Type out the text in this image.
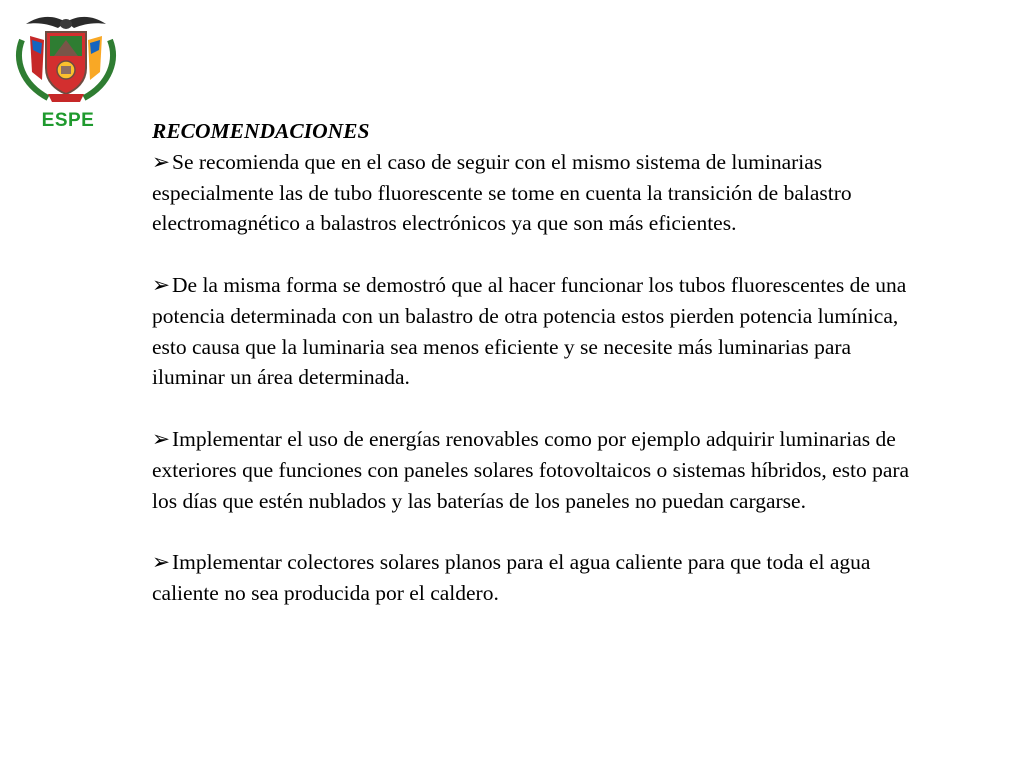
ESPE	RECOMENDACIONES

➢Se recomienda que en el caso de seguir con el mismo sistema de luminarias especialmente las de tubo fluorescente se tome en cuenta la transición de balastro electromagnético a balastros electrónicos ya que son más eficientes.

➢De la misma forma se demostró que al hacer funcionar los tubos fluorescentes de una potencia determinada con un balastro de otra potencia estos pierden potencia lumínica, esto causa que la luminaria sea menos eficiente y se necesite más luminarias para iluminar un área determinada.

➢Implementar el uso de energías renovables como por ejemplo adquirir luminarias de exteriores que funciones con paneles solares fotovoltaicos o sistemas híbridos, esto para los días que estén nublados y las baterías de los paneles no puedan cargarse.

➢Implementar colectores solares planos para el agua caliente para que toda el agua caliente no sea producida por el caldero.
